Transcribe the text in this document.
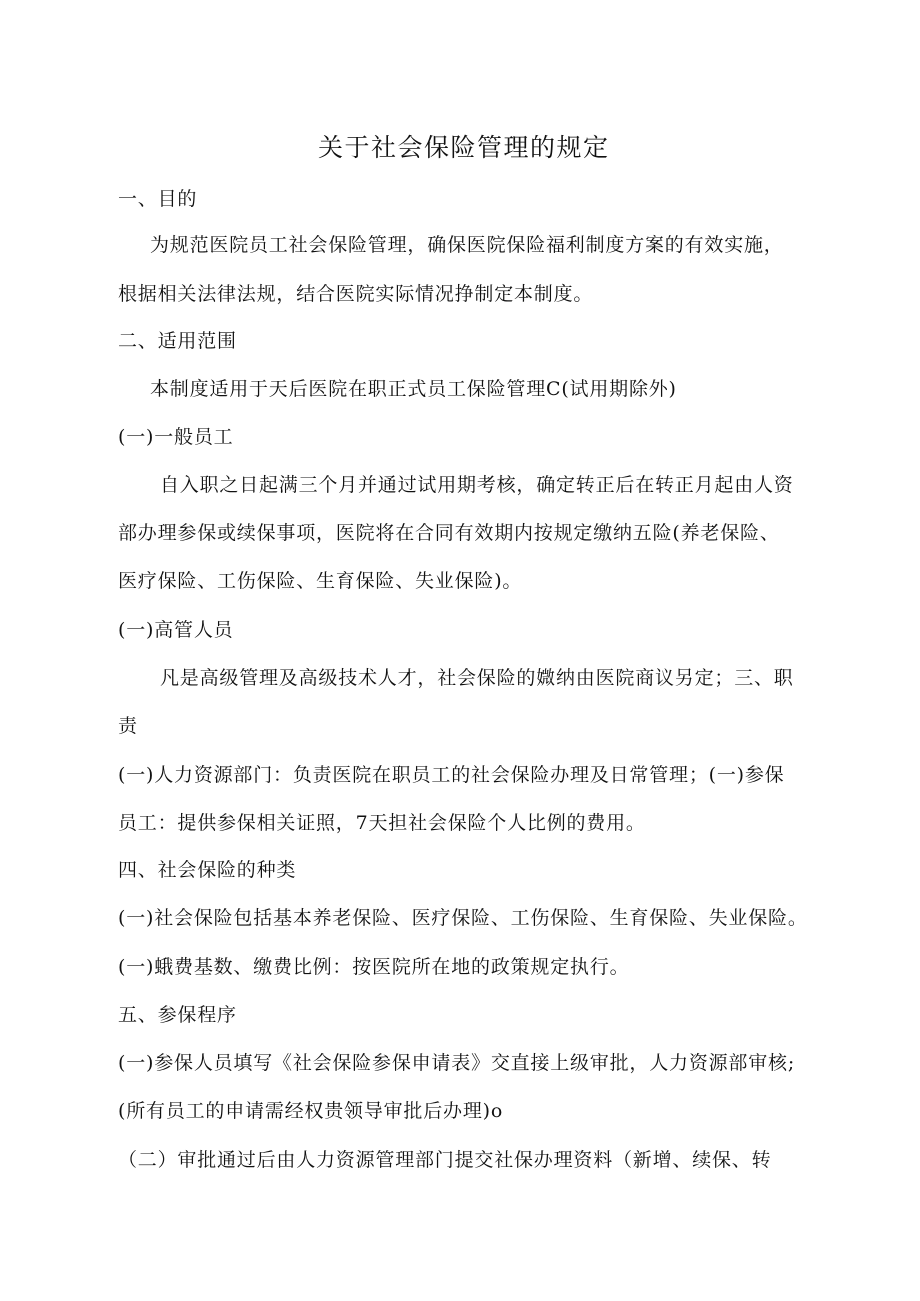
关于社会保险管理的规定
一、目的
为规范医院员工社会保险管理，确保医院保险福利制度方案的有效实施，
根据相关法律法规，结合医院实际情况挣制定本制度。
二、适用范围
本制度适用于天后医院在职正式员工保险管理C(试用期除外)
(一)一般员工
自入职之日起满三个月并通过试用期考核，确定转正后在转正月起由人资
部办理参保或续保事项，医院将在合同有效期内按规定缴纳五险(养老保险、
医疗保险、工伤保险、生育保险、失业保险)。
(一)高管人员
凡是高级管理及高级技术人才，社会保险的媺纳由医院商议另定；三、职
责
(一)人力资源部门：负责医院在职员工的社会保险办理及日常管理；(一)参保
员工：提供参保相关证照，7天担社会保险个人比例的费用。
四、社会保险的种类
(一)社会保险包括基本养老保险、医疗保险、工伤保险、生育保险、失业保险。
(一)蛾费基数、缴费比例：按医院所在地的政策规定执行。
五、参保程序
(一)参保人员填写《社会保险参保申请表》交直接上级审批，人力资源部审核;
(所有员工的申请需经权贵领导审批后办理)o
（二）审批通过后由人力资源管理部门提交社保办理资料（新增、续保、转
